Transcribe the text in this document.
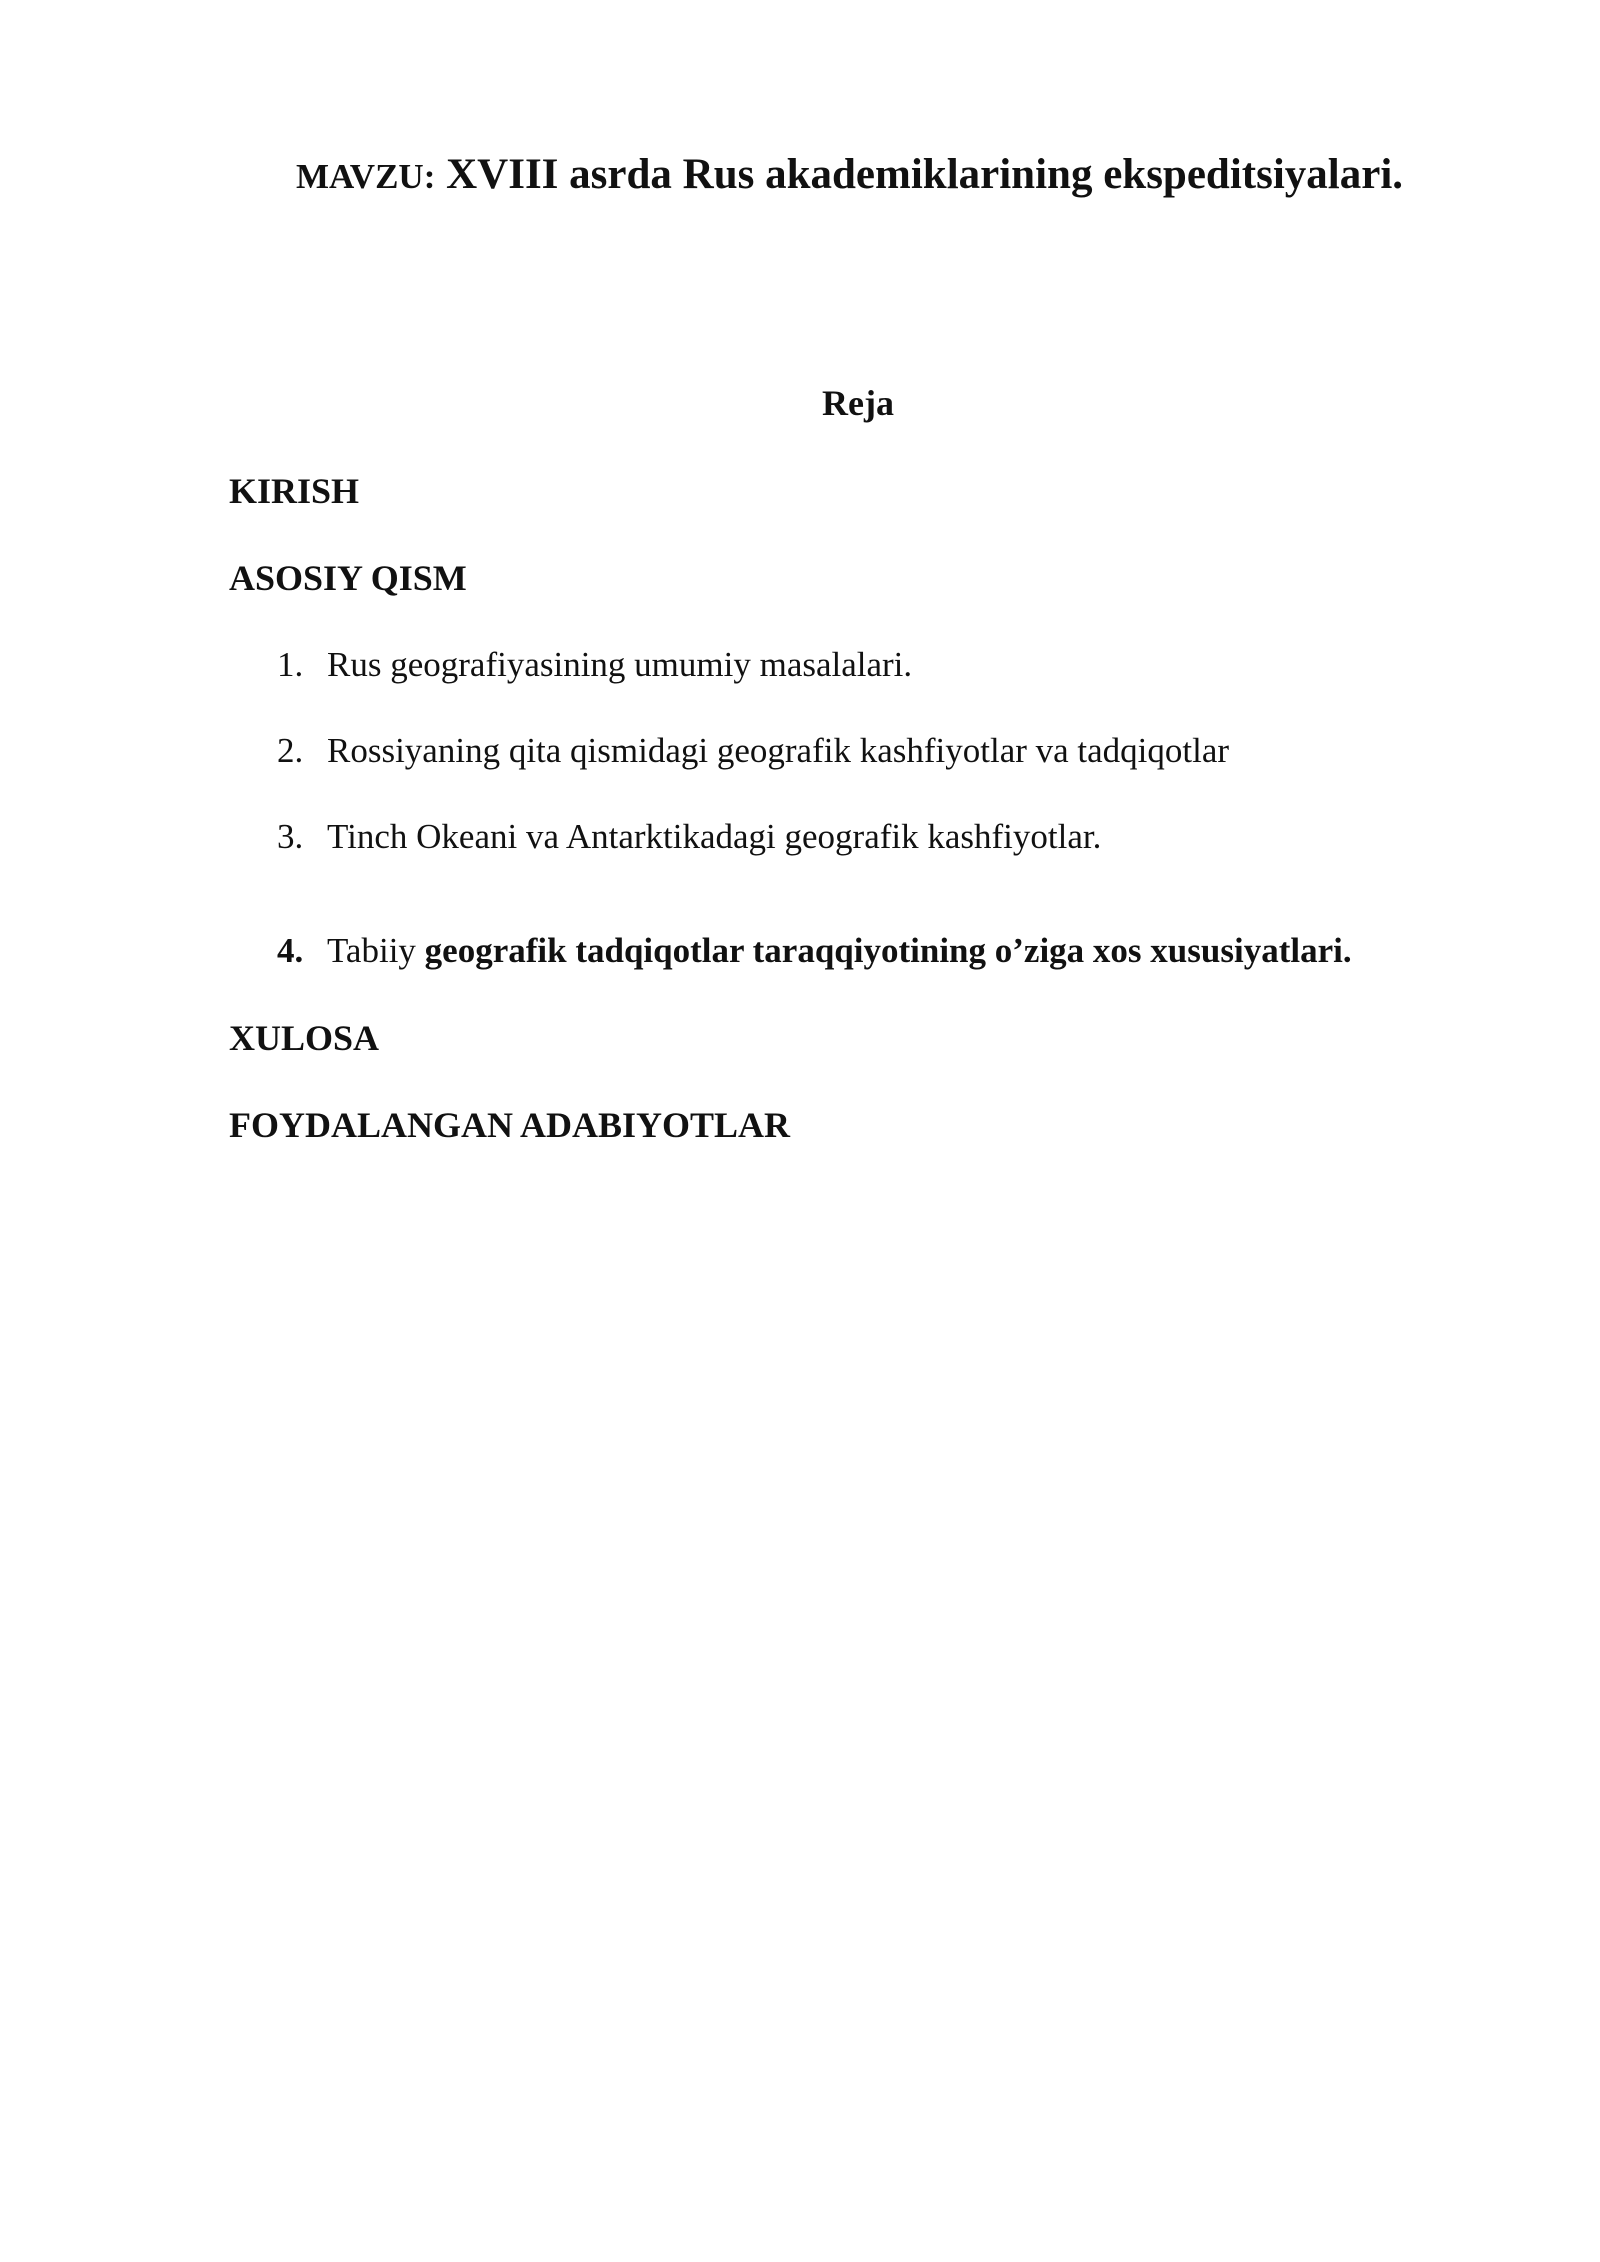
MAVZU: XVIII asrda Rus akademiklarining ekspeditsiyalari.
Reja
KIRISH
ASOSIY QISM
1. Rus geografiyasining umumiy masalalari.
2. Rossiyaning qita qismidagi geografik kashfiyotlar va tadqiqotlar
3. Tinch Okeani va Antarktikadagi geografik kashfiyotlar.
4. Tabiiy geografik tadqiqotlar taraqqiyotining o’ziga xos xususiyatlari.
XULOSA
FOYDALANGAN ADABIYOTLAR
